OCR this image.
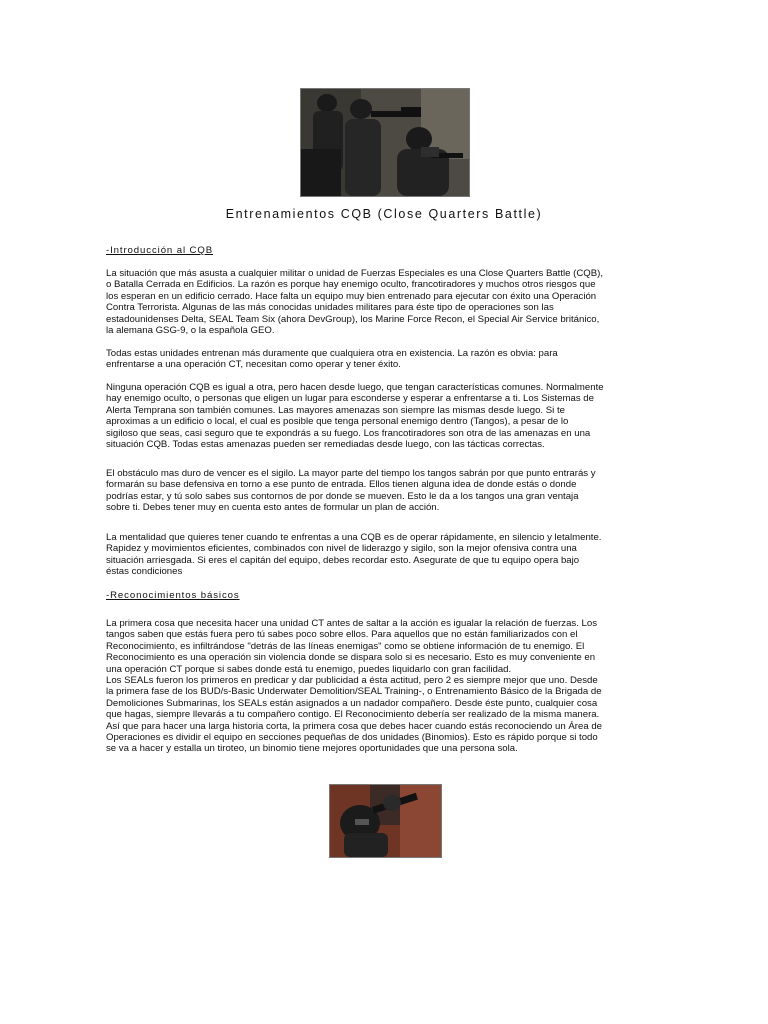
Entrenamientos CQB (Close Quarters Battle)
-Introducción al CQB

La situación que más asusta a cualquier militar o unidad de Fuerzas Especiales es una Close Quarters Battle (CQB),
o Batalla Cerrada en Edificios. La razón es porque hay enemigo oculto, francotiradores y muchos otros riesgos que
los esperan en un edificio cerrado. Hace falta un equipo muy bien entrenado para ejecutar con éxito una Operación
Contra Terrorista. Algunas de las más conocidas unidades militares para éste tipo de operaciones son las
estadounidenses Delta, SEAL Team Six (ahora DevGroup), los Marine Force Recon, el Special Air Service británico,
la alemana GSG-9, o la española GEO.

Todas estas unidades entrenan más duramente que cualquiera otra en existencia. La razón es obvia: para
enfrentarse a una operación CT, necesitan como operar y tener éxito.

Ninguna operación CQB es igual a otra, pero hacen desde luego, que tengan características comunes. Normalmente
hay enemigo oculto, o personas que eligen un lugar para esconderse y esperar a enfrentarse a ti. Los Sistemas de
Alerta Temprana son también comunes. Las mayores amenazas son siempre las mismas desde luego. Si te
aproximas a un edificio o local, el cual es posible que tenga personal enemigo dentro (Tangos), a pesar de lo
sigiloso que seas, casi seguro que te expondrás a su fuego. Los francotiradores son otra de las amenazas en una
situación CQB. Todas estas amenazas pueden ser remediadas desde luego, con las tácticas correctas.

El obstáculo mas duro de vencer es el sigilo. La mayor parte del tiempo los tangos sabrán por que punto entrarás y
formarán su base defensiva en torno a ese punto de entrada. Ellos tienen alguna idea de donde estás o donde
podrías estar, y tú solo sabes sus contornos de por donde se mueven. Esto le da a los tangos una gran ventaja
sobre ti. Debes tener muy en cuenta esto antes de formular un plan de acción.

La mentalidad que quieres tener cuando te enfrentas a una CQB es de operar rápidamente, en silencio y letalmente.
Rapidez y movimientos eficientes, combinados con nivel de liderazgo y sigilo, son la mejor ofensiva contra una
situación arriesgada. Si eres el capitán del equipo, debes recordar esto. Asegurate de que tu equipo opera bajo
éstas condiciones

-Reconocimientos básicos

La primera cosa que necesita hacer una unidad CT antes de saltar a la acción es igualar la relación de fuerzas. Los
tangos saben que estás fuera pero tú sabes poco sobre ellos. Para aquellos que no están familiarizados con el
Reconocimiento, es infiltrándose "detrás de las líneas enemigas" como se obtiene información de tu enemigo. El
Reconocimiento es una operación sin violencia donde se dispara solo si es necesario. Esto es muy conveniente en
una operación CT porque si sabes donde está tu enemigo, puedes liquidarlo con gran facilidad.
Los SEALs fueron los primeros en predicar y dar publicidad a ésta actitud, pero 2 es siempre mejor que uno. Desde
la primera fase de los BUD/s-Basic Underwater Demolition/SEAL Training-, o Entrenamiento Básico de la Brigada de
Demoliciones Submarinas, los SEALs están asignados a un nadador compañero. Desde éste punto, cualquier cosa
que hagas, siempre llevarás a tu compañero contigo. El Reconocimiento debería ser realizado de la misma manera.
Así que para hacer una larga historia corta, la primera cosa que debes hacer cuando estás reconociendo un Área de
Operaciones es dividir el equipo en secciones pequeñas de dos unidades (Binomios). Esto es rápido porque si todo
se va a hacer y estalla un tiroteo, un binomio tiene mejores oportunidades que una persona sola.
